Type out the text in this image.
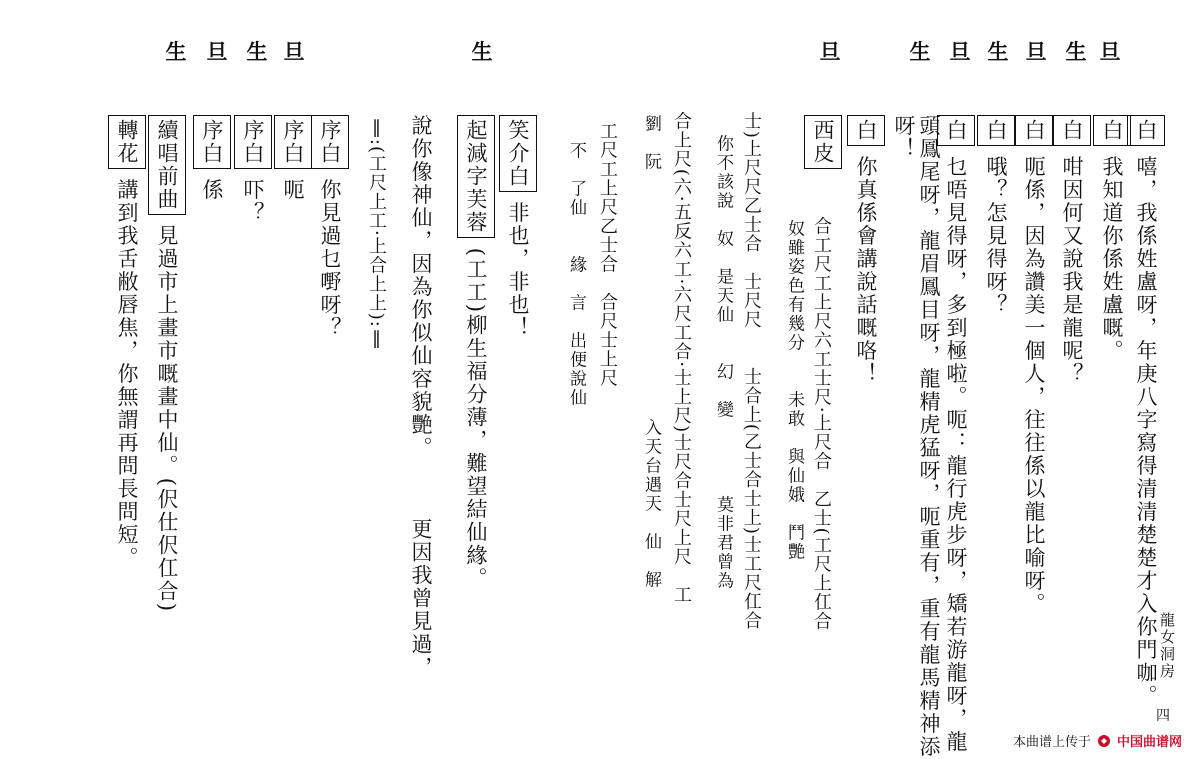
旦
生
旦
生
旦
生
旦
生
旦
生
旦
生

白嘻，我係姓盧呀，年庚八字寫得清清楚楚才入你門咖。

白我知道你係姓盧嘅。

白咁因何又說我是龍呢？

白呃係，因為讚美一個人，往往係以龍比喻呀。

白哦？怎見得呀？

白乜唔見得呀，多到極啦。呃：龍行虎步呀，矯若游龍呀，龍

頭鳳尾呀，龍眉鳳目呀，龍精虎猛呀，呃重有，重有龍馬精神添

呀！

白你真係會講說話嘅咯！

西皮

合工尺工上尺六工士尺·上尺合　乙士(工尺上仜合

奴雖姿色有幾分　　未敢　與仙娥　鬥艷

士)上尺尺乙士合　士尺尺　　士合上(乙士合士上)士工尺仜合

你不該說　奴　是天仙　　幻　變　　　　莫非君曾為

合上尺(六·五反六工·六尺工合·士上尺)士尺合士尺上尺　工

劉　阮　　　　　　　　　　　　　入天台遇天　仙　解

工尺工上尺乙士合　合尺士上尺

不　了仙　　緣　言　出便說仙

笑介白非也，非也！

起減字芙蓉(工工)柳生福分薄，難望結仙緣。

說你像神仙，因為你似仙容貌艷。　　　更因我曾見過，

‖:(工尺上工·上合上上):‖

序白你見過乜嘢呀？

序白呃

序白吓？

序白係

續唱前曲見過市上畫市嘅畫中仙。(伬仕伬仜合)

轉花講到我舌敝唇焦，你無謂再問長問短。

龍女洞房
四
本曲谱上传于 中国曲谱网
